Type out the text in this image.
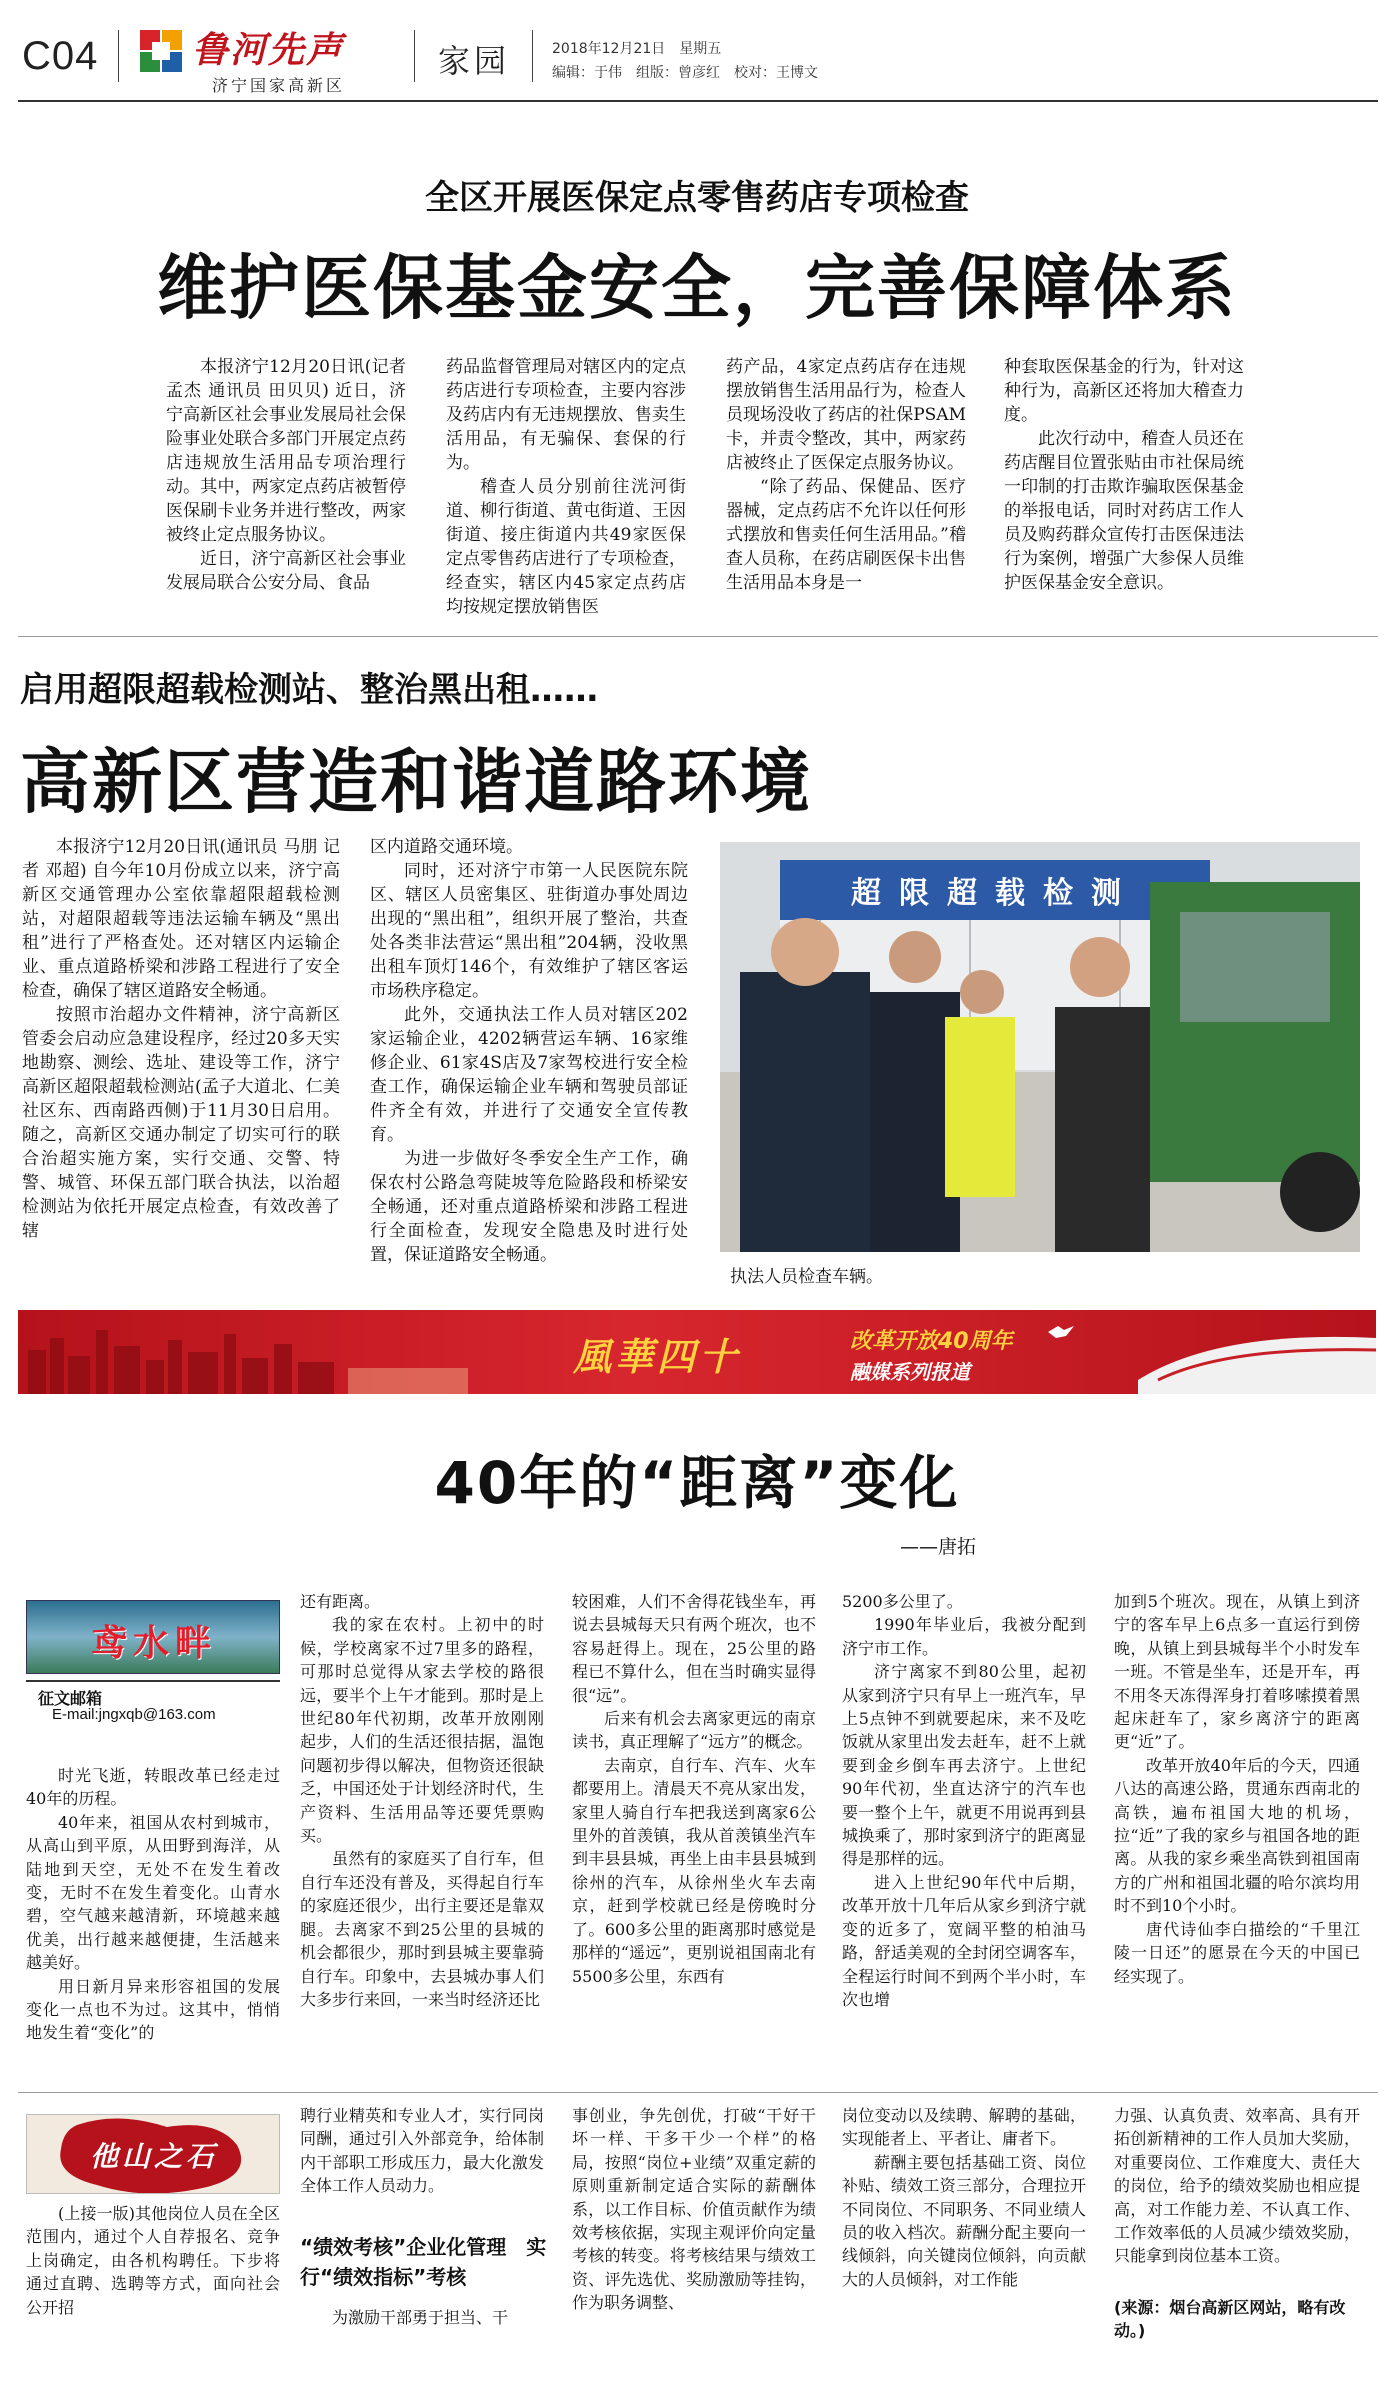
C04	鲁河先声
济宁国家高新区
家园	2018年12月21日　星期五
编辑：于伟　组版：曾彦红　校对：王博文
全区开展医保定点零售药店专项检查
维护医保基金安全，完善保障体系

本报济宁12月20日讯(记者 孟杰 通讯员 田贝贝) 近日，济宁高新区社会事业发展局社会保险事业处联合多部门开展定点药店违规放生活用品专项治理行动。其中，两家定点药店被暂停医保刷卡业务并进行整改，两家被终止定点服务协议。

近日，济宁高新区社会事业发展局联合公安分局、食品

药品监督管理局对辖区内的定点药店进行专项检查，主要内容涉及药店内有无违规摆放、售卖生活用品，有无骗保、套保的行为。

稽查人员分别前往洸河街道、柳行街道、黄屯街道、王因街道、接庄街道内共49家医保定点零售药店进行了专项检查，经查实，辖区内45家定点药店均按规定摆放销售医

药产品，4家定点药店存在违规摆放销售生活用品行为，检查人员现场没收了药店的社保PSAM卡，并责令整改，其中，两家药店被终止了医保定点服务协议。

“除了药品、保健品、医疗器械，定点药店不允许以任何形式摆放和售卖任何生活用品。”稽查人员称，在药店刷医保卡出售生活用品本身是一

种套取医保基金的行为，针对这种行为，高新区还将加大稽查力度。

此次行动中，稽查人员还在药店醒目位置张贴由市社保局统一印制的打击欺诈骗取医保基金的举报电话，同时对药店工作人员及购药群众宣传打击医保违法行为案例，增强广大参保人员维护医保基金安全意识。

启用超限超载检测站、整治黑出租……
高新区营造和谐道路环境

本报济宁12月20日讯(通讯员 马朋 记者 邓超) 自今年10月份成立以来，济宁高新区交通管理办公室依靠超限超载检测站，对超限超载等违法运输车辆及“黑出租”进行了严格查处。还对辖区内运输企业、重点道路桥梁和涉路工程进行了安全检查，确保了辖区道路安全畅通。

按照市治超办文件精神，济宁高新区管委会启动应急建设程序，经过20多天实地勘察、测绘、选址、建设等工作，济宁高新区超限超载检测站(孟子大道北、仁美社区东、西南路西侧)于11月30日启用。随之，高新区交通办制定了切实可行的联合治超实施方案，实行交通、交警、特警、城管、环保五部门联合执法，以治超检测站为依托开展定点检查，有效改善了辖

区内道路交通环境。

同时，还对济宁市第一人民医院东院区、辖区人员密集区、驻街道办事处周边出现的“黑出租”，组织开展了整治，共查处各类非法营运“黑出租”204辆，没收黑出租车顶灯146个，有效维护了辖区客运市场秩序稳定。

此外，交通执法工作人员对辖区202家运输企业，4202辆营运车辆、16家维修企业、61家4S店及7家驾校进行安全检查工作，确保运输企业车辆和驾驶员部证件齐全有效，并进行了交通安全宣传教育。

为进一步做好冬季安全生产工作，确保农村公路急弯陡坡等危险路段和桥梁安全畅通，还对重点道路桥梁和涉路工程进行全面检查，发现安全隐患及时进行处置，保证道路安全畅通。

超限超载检测
执法人员检查车辆。
風華四十	改革开放40周年
融媒系列报道
40年的“距离”变化
——唐拓
鸢水畔
征文邮箱
E-mail:jngxqb@163.com

时光飞逝，转眼改革已经走过40年的历程。

40年来，祖国从农村到城市，从高山到平原，从田野到海洋，从陆地到天空，无处不在发生着改变，无时不在发生着变化。山青水碧，空气越来越清新，环境越来越优美，出行越来越便捷，生活越来越美好。

用日新月异来形容祖国的发展变化一点也不为过。这其中，悄悄地发生着“变化”的

还有距离。

我的家在农村。上初中的时候，学校离家不过7里多的路程，可那时总觉得从家去学校的路很远，要半个上午才能到。那时是上世纪80年代初期，改革开放刚刚起步，人们的生活还很拮据，温饱问题初步得以解决，但物资还很缺乏，中国还处于计划经济时代，生产资料、生活用品等还要凭票购买。

虽然有的家庭买了自行车，但自行车还没有普及，买得起自行车的家庭还很少，出行主要还是靠双腿。去离家不到25公里的县城的机会都很少，那时到县城主要靠骑自行车。印象中，去县城办事人们大多步行来回，一来当时经济还比

较困难，人们不舍得花钱坐车，再说去县城每天只有两个班次，也不容易赶得上。现在，25公里的路程已不算什么，但在当时确实显得很“远”。

后来有机会去离家更远的南京读书，真正理解了“远方”的概念。

去南京，自行车、汽车、火车都要用上。清晨天不亮从家出发，家里人骑自行车把我送到离家6公里外的首羡镇，我从首羡镇坐汽车到丰县县城，再坐上由丰县县城到徐州的汽车，从徐州坐火车去南京，赶到学校就已经是傍晚时分了。600多公里的距离那时感觉是那样的“遥远”，更别说祖国南北有5500多公里，东西有

5200多公里了。

1990年毕业后，我被分配到济宁市工作。

济宁离家不到80公里，起初从家到济宁只有早上一班汽车，早上5点钟不到就要起床，来不及吃饭就从家里出发去赶车，赶不上就要到金乡倒车再去济宁。上世纪90年代初，坐直达济宁的汽车也要一整个上午，就更不用说再到县城换乘了，那时家到济宁的距离显得是那样的远。

进入上世纪90年代中后期，改革开放十几年后从家乡到济宁就变的近多了，宽阔平整的柏油马路，舒适美观的全封闭空调客车，全程运行时间不到两个半小时，车次也增

加到5个班次。现在，从镇上到济宁的客车早上6点多一直运行到傍晚，从镇上到县城每半个小时发车一班。不管是坐车，还是开车，再不用冬天冻得浑身打着哆嗦摸着黑起床赶车了，家乡离济宁的距离更“近”了。

改革开放40年后的今天，四通八达的高速公路，贯通东西南北的高铁，遍布祖国大地的机场，拉“近”了我的家乡与祖国各地的距离。从我的家乡乘坐高铁到祖国南方的广州和祖国北疆的哈尔滨均用时不到10个小时。

唐代诗仙李白描绘的“千里江陵一日还”的愿景在今天的中国已经实现了。

他山之石

(上接一版)其他岗位人员在全区范围内，通过个人自荐报名、竞争上岗确定，由各机构聘任。下步将通过直聘、选聘等方式，面向社会公开招

聘行业精英和专业人才，实行同岗同酬，通过引入外部竞争，给体制内干部职工形成压力，最大化激发全体工作人员动力。

“绩效考核”企业化管理　实行“绩效指标”考核

为激励干部勇于担当、干

事创业，争先创优，打破“干好干坏一样、干多干少一个样”的格局，按照“岗位+业绩”双重定薪的原则重新制定适合实际的薪酬体系，以工作目标、价值贡献作为绩效考核依据，实现主观评价向定量考核的转变。将考核结果与绩效工资、评先选优、奖励激励等挂钩，作为职务调整、

岗位变动以及续聘、解聘的基础，实现能者上、平者让、庸者下。

薪酬主要包括基础工资、岗位补贴、绩效工资三部分，合理拉开不同岗位、不同职务、不同业绩人员的收入档次。薪酬分配主要向一线倾斜，向关键岗位倾斜，向贡献大的人员倾斜，对工作能

力强、认真负责、效率高、具有开拓创新精神的工作人员加大奖励，对重要岗位、工作难度大、责任大的岗位，给予的绩效奖励也相应提高，对工作能力差、不认真工作、工作效率低的人员减少绩效奖励，只能拿到岗位基本工资。

(来源：烟台高新区网站，略有改动。)
